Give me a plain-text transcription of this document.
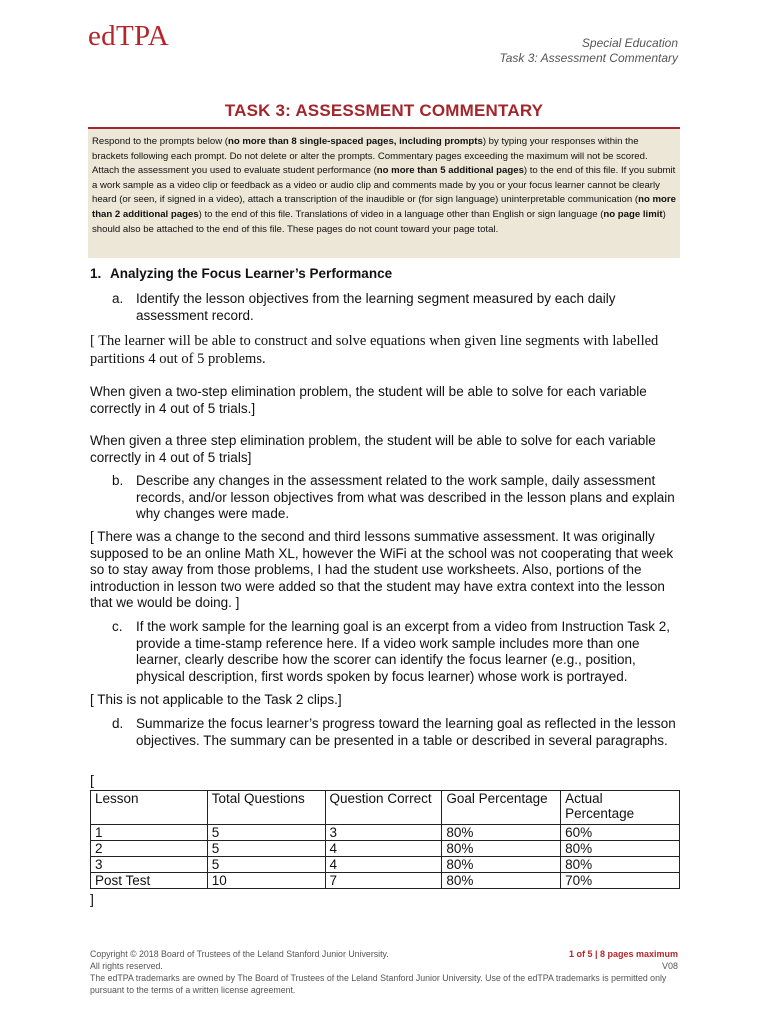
edTPA	Special Education
Task 3: Assessment Commentary
TASK 3: ASSESSMENT COMMENTARY
Respond to the prompts below (no more than 8 single-spaced pages, including prompts) by typing your responses within the brackets following each prompt. Do not delete or alter the prompts. Commentary pages exceeding the maximum will not be scored. Attach the assessment you used to evaluate student performance (no more than 5 additional pages) to the end of this file. If you submit a work sample as a video clip or feedback as a video or audio clip and comments made by you or your focus learner cannot be clearly heard (or seen, if signed in a video), attach a transcription of the inaudible or (for sign language) uninterpretable communication (no more than 2 additional pages) to the end of this file. Translations of video in a language other than English or sign language (no page limit) should also be attached to the end of this file. These pages do not count toward your page total.
1. Analyzing the Focus Learner’s Performance
a. Identify the lesson objectives from the learning segment measured by each daily assessment record.
[ The learner will be able to construct and solve equations when given line segments with labelled partitions 4 out of 5 problems.
When given a two-step elimination problem, the student will be able to solve for each variable correctly in 4 out of 5 trials.]
When given a three step elimination problem, the student will be able to solve for each variable correctly in 4 out of 5 trials]
b. Describe any changes in the assessment related to the work sample, daily assessment records, and/or lesson objectives from what was described in the lesson plans and explain why changes were made.
[ There was a change to the second and third lessons summative assessment. It was originally supposed to be an online Math XL, however the WiFi at the school was not cooperating that week so to stay away from those problems, I had the student use worksheets. Also, portions of the introduction in lesson two were added so that the student may have extra context into the lesson that we would be doing. ]
c. If the work sample for the learning goal is an excerpt from a video from Instruction Task 2, provide a time-stamp reference here. If a video work sample includes more than one learner, clearly describe how the scorer can identify the focus learner (e.g., position, physical description, first words spoken by focus learner) whose work is portrayed.
[ This is not applicable to the Task 2 clips.]
d. Summarize the focus learner’s progress toward the learning goal as reflected in the lesson objectives. The summary can be presented in a table or described in several paragraphs.
[
Lesson	Total Questions	Question Correct	Goal Percentage	Actual Percentage
1	5	3	80%	60%
2	5	4	80%	80%
3	5	4	80%	80%
Post Test	10	7	80%	70%
]
Copyright © 2018 Board of Trustees of the Leland Stanford Junior University.
All rights reserved.
The edTPA trademarks are owned by The Board of Trustees of the Leland Stanford Junior University. Use of the edTPA trademarks is permitted only pursuant to the terms of a written license agreement.
1 of 5 | 8 pages maximum
V08
